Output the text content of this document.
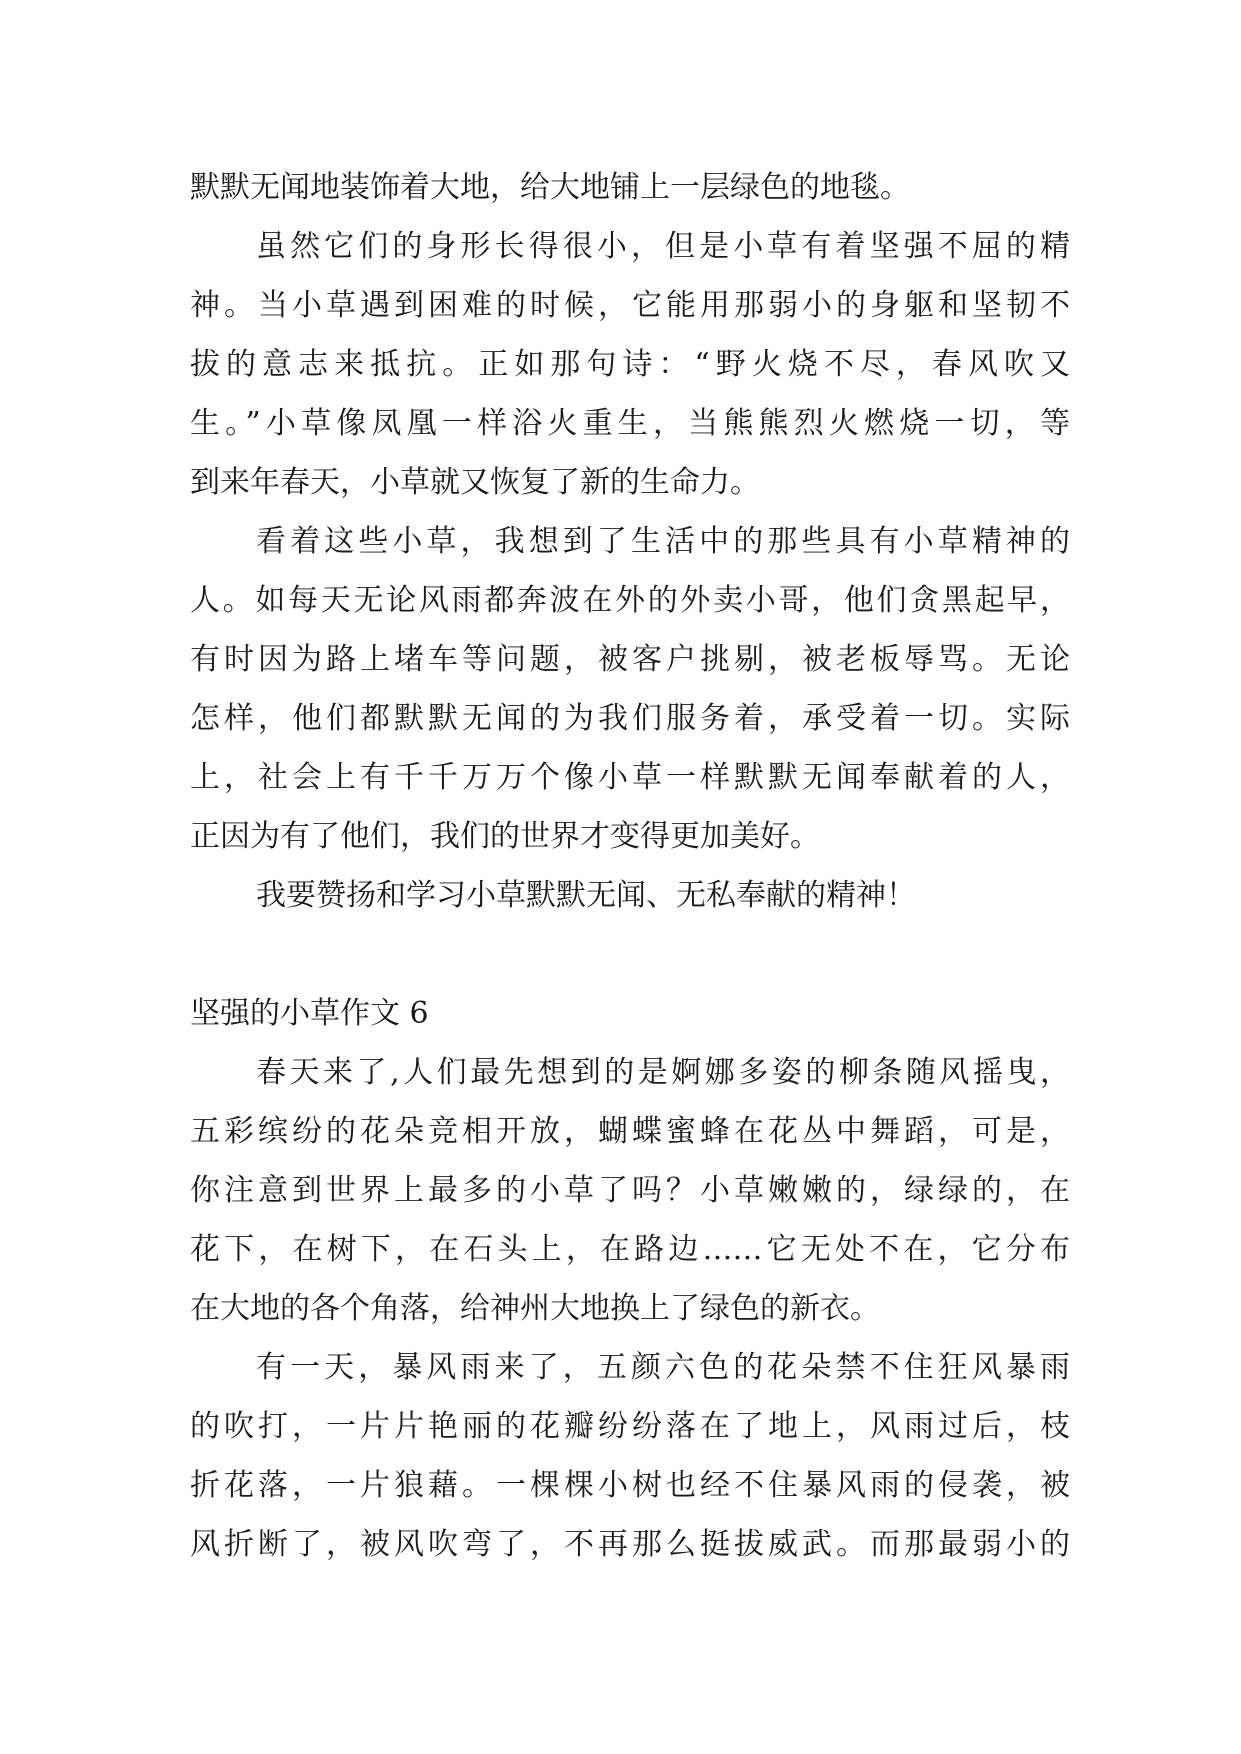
默默无闻地装饰着大地，给大地铺上一层绿色的地毯。
虽然它们的身形长得很小，但是小草有着坚强不屈的精
神。当小草遇到困难的时候，它能用那弱小的身躯和坚韧不
拔的意志来抵抗。正如那句诗：“野火烧不尽，春风吹又
生。”小草像凤凰一样浴火重生，当熊熊烈火燃烧一切，等
到来年春天，小草就又恢复了新的生命力。
看着这些小草，我想到了生活中的那些具有小草精神的
人。如每天无论风雨都奔波在外的外卖小哥，他们贪黑起早，
有时因为路上堵车等问题，被客户挑剔，被老板辱骂。无论
怎样，他们都默默无闻的为我们服务着，承受着一切。实际
上，社会上有千千万万个像小草一样默默无闻奉献着的人，
正因为有了他们，我们的世界才变得更加美好。
我要赞扬和学习小草默默无闻、无私奉献的精神！
坚强的小草作文 6
春天来了,人们最先想到的是婀娜多姿的柳条随风摇曳，
五彩缤纷的花朵竞相开放，蝴蝶蜜蜂在花丛中舞蹈，可是，
你注意到世界上最多的小草了吗？小草嫩嫩的，绿绿的，在
花下，在树下，在石头上，在路边……它无处不在，它分布
在大地的各个角落，给神州大地换上了绿色的新衣。
有一天，暴风雨来了，五颜六色的花朵禁不住狂风暴雨
的吹打，一片片艳丽的花瓣纷纷落在了地上，风雨过后，枝
折花落，一片狼藉。一棵棵小树也经不住暴风雨的侵袭，被
风折断了，被风吹弯了，不再那么挺拔威武。而那最弱小的
